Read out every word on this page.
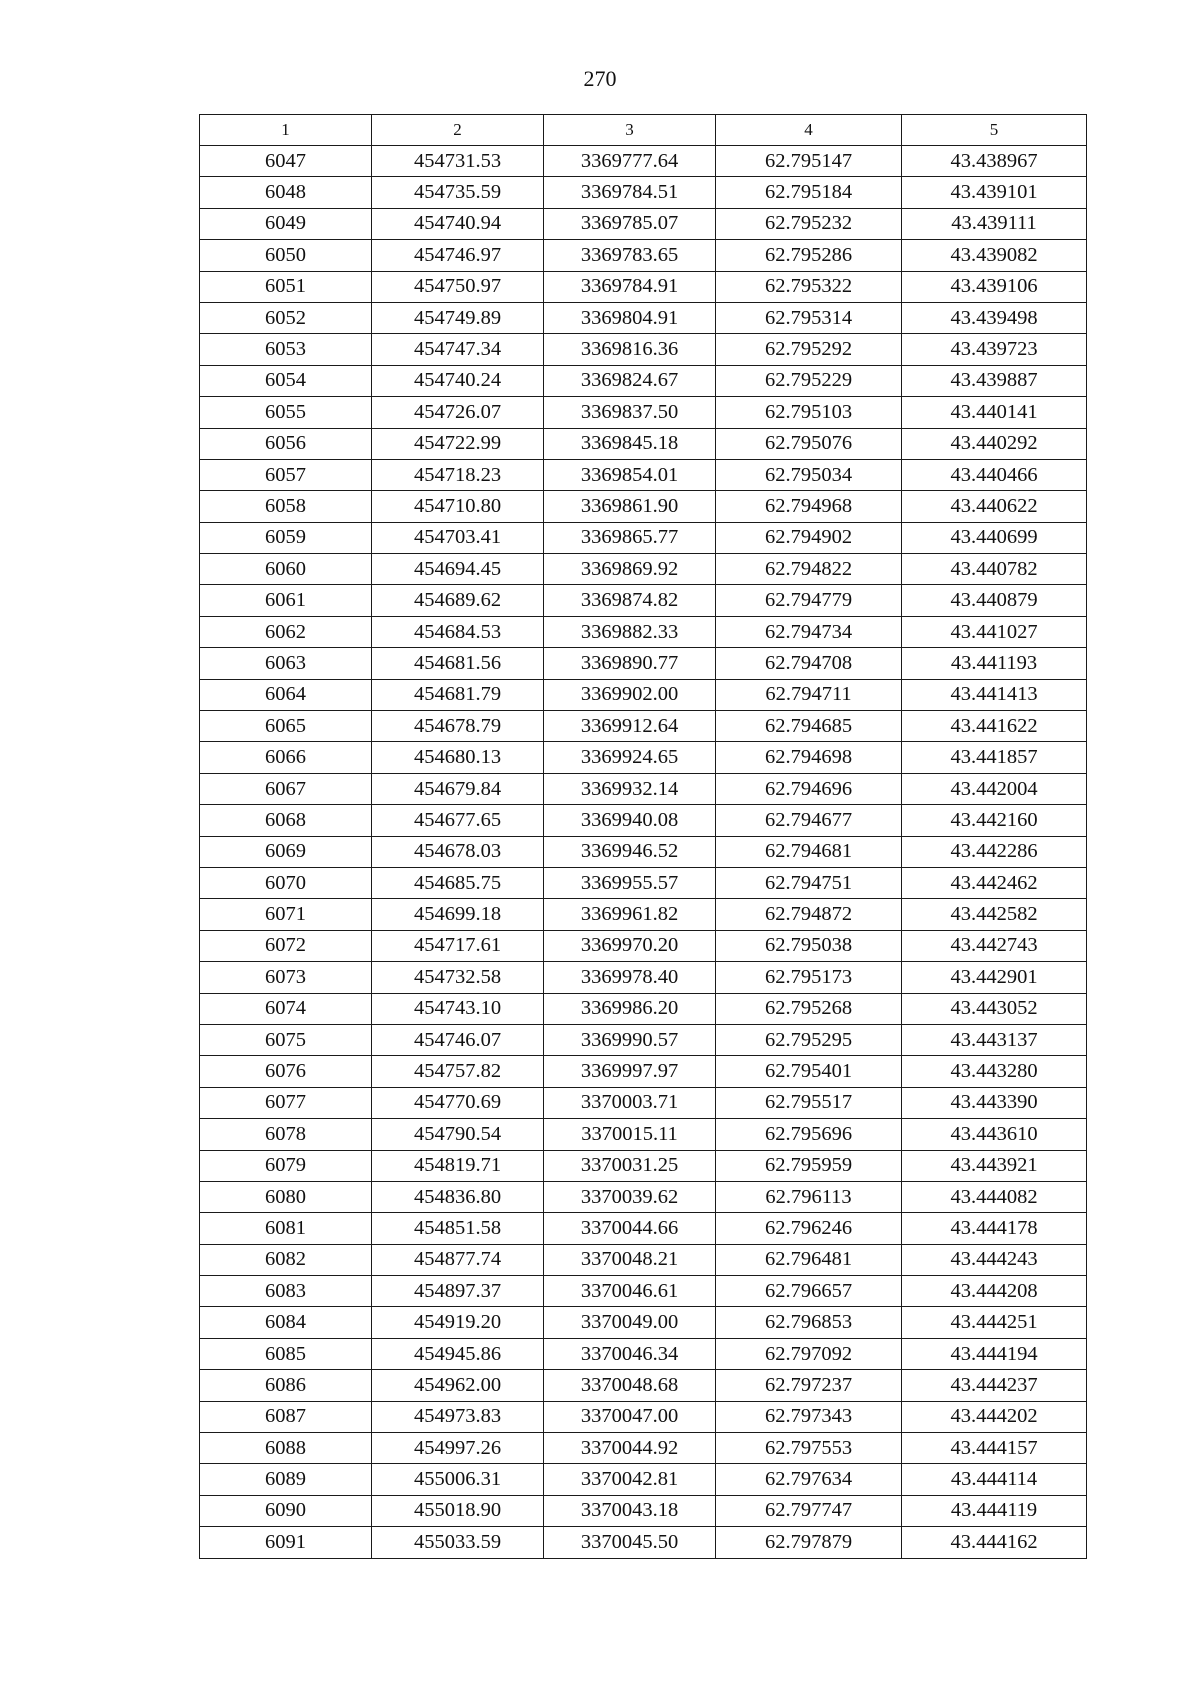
270
1	2	3	4	5
6047	454731.53	3369777.64	62.795147	43.438967
6048	454735.59	3369784.51	62.795184	43.439101
6049	454740.94	3369785.07	62.795232	43.439111
6050	454746.97	3369783.65	62.795286	43.439082
6051	454750.97	3369784.91	62.795322	43.439106
6052	454749.89	3369804.91	62.795314	43.439498
6053	454747.34	3369816.36	62.795292	43.439723
6054	454740.24	3369824.67	62.795229	43.439887
6055	454726.07	3369837.50	62.795103	43.440141
6056	454722.99	3369845.18	62.795076	43.440292
6057	454718.23	3369854.01	62.795034	43.440466
6058	454710.80	3369861.90	62.794968	43.440622
6059	454703.41	3369865.77	62.794902	43.440699
6060	454694.45	3369869.92	62.794822	43.440782
6061	454689.62	3369874.82	62.794779	43.440879
6062	454684.53	3369882.33	62.794734	43.441027
6063	454681.56	3369890.77	62.794708	43.441193
6064	454681.79	3369902.00	62.794711	43.441413
6065	454678.79	3369912.64	62.794685	43.441622
6066	454680.13	3369924.65	62.794698	43.441857
6067	454679.84	3369932.14	62.794696	43.442004
6068	454677.65	3369940.08	62.794677	43.442160
6069	454678.03	3369946.52	62.794681	43.442286
6070	454685.75	3369955.57	62.794751	43.442462
6071	454699.18	3369961.82	62.794872	43.442582
6072	454717.61	3369970.20	62.795038	43.442743
6073	454732.58	3369978.40	62.795173	43.442901
6074	454743.10	3369986.20	62.795268	43.443052
6075	454746.07	3369990.57	62.795295	43.443137
6076	454757.82	3369997.97	62.795401	43.443280
6077	454770.69	3370003.71	62.795517	43.443390
6078	454790.54	3370015.11	62.795696	43.443610
6079	454819.71	3370031.25	62.795959	43.443921
6080	454836.80	3370039.62	62.796113	43.444082
6081	454851.58	3370044.66	62.796246	43.444178
6082	454877.74	3370048.21	62.796481	43.444243
6083	454897.37	3370046.61	62.796657	43.444208
6084	454919.20	3370049.00	62.796853	43.444251
6085	454945.86	3370046.34	62.797092	43.444194
6086	454962.00	3370048.68	62.797237	43.444237
6087	454973.83	3370047.00	62.797343	43.444202
6088	454997.26	3370044.92	62.797553	43.444157
6089	455006.31	3370042.81	62.797634	43.444114
6090	455018.90	3370043.18	62.797747	43.444119
6091	455033.59	3370045.50	62.797879	43.444162
